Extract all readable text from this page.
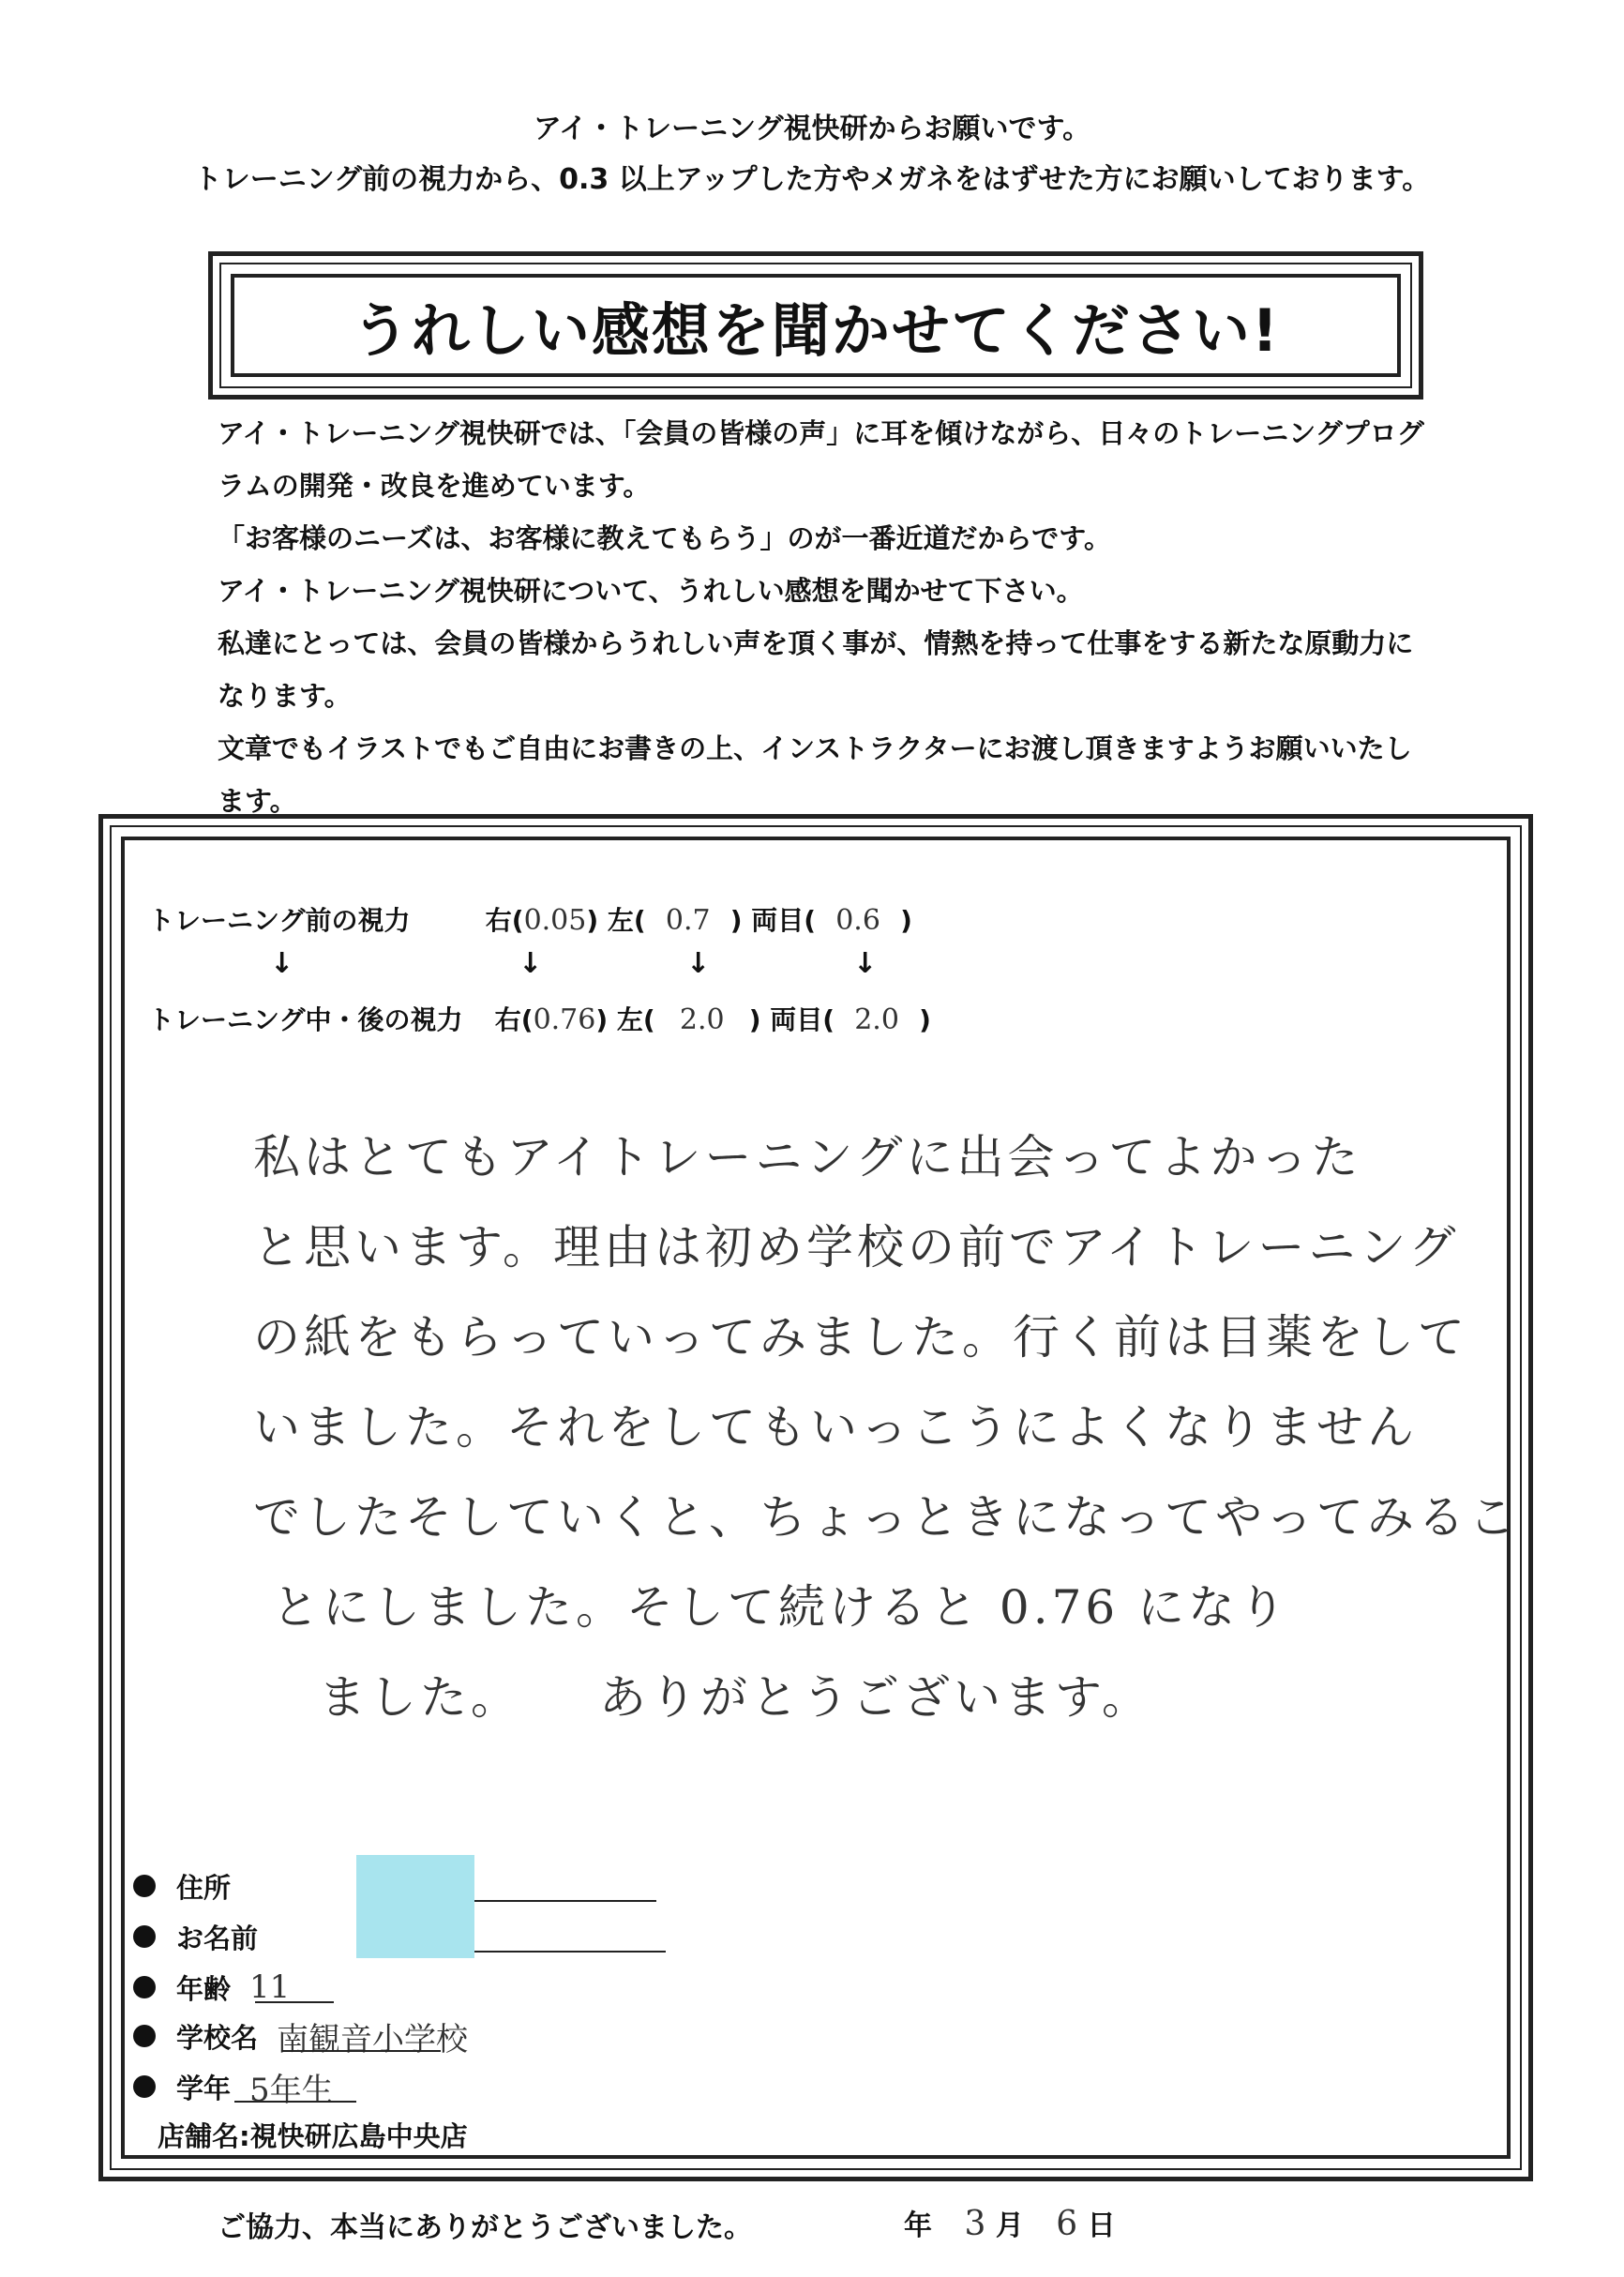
アイ・トレーニング視快研からお願いです。
トレーニング前の視力から、0.3 以上アップした方やメガネをはずせた方にお願いしております。
うれしい感想を聞かせてください!

アイ・トレーニング視快研では、「会員の皆様の声」に耳を傾けながら、日々のトレーニングプログ

ラムの開発・改良を進めています。

「お客様のニーズは、お客様に教えてもらう」のが一番近道だからです。

アイ・トレーニング視快研について、うれしい感想を聞かせて下さい。

私達にとっては、会員の皆様からうれしい声を頂く事が、情熱を持って仕事をする新たな原動力に

なります。

文章でもイラストでもご自由にお書きの上、インストラクターにお渡し頂きますようお願いいたし

ます。

トレーニング前の視力	右(0.05) 左( 0.7 ) 両目( 0.6 )
↓	↓	↓	↓
トレーニング中・後の視力 右(0.76) 左( 2.0 ) 両目( 2.0 )

私はとてもアイトレーニングに出会ってよかった

と思います。理由は初め学校の前でアイトレーニング

の紙をもらっていってみました。行く前は目薬をして

いました。それをしてもいっこうによくなりません

でしたそしていくと、ちょっときになってやってみるこ

とにしました。そして続けると 0.76 になり

ました。　　ありがとうございます。

住所
お名前
年齢 11
学校名 南観音小学校
学年 5年生
店舗名:視快研広島中央店
ご協力、本当にありがとうございました。	年 3 月 6 日
